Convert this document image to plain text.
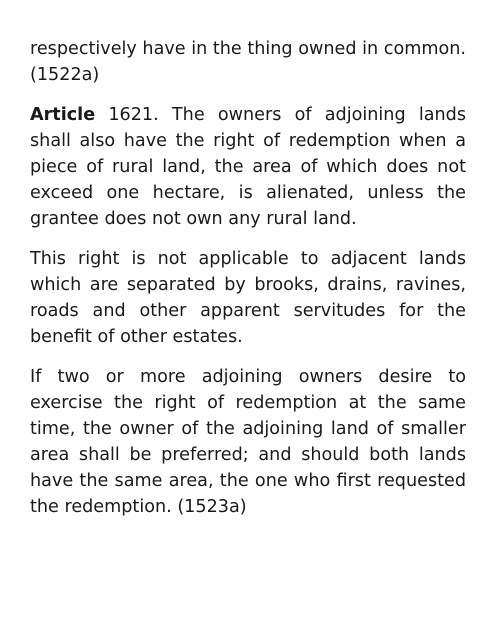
respectively have in the thing owned in common. (1522a)

Article 1621. The owners of adjoining lands shall also have the right of redemption when a piece of rural land, the area of which does not exceed one hectare, is alienated, unless the grantee does not own any rural land.

This right is not applicable to adjacent lands which are separated by brooks, drains, ravines, roads and other apparent servitudes for the benefit of other estates.

If two or more adjoining owners desire to exercise the right of redemption at the same time, the owner of the adjoining land of smaller area shall be preferred; and should both lands have the same area, the one who first requested the redemption. (1523a)
